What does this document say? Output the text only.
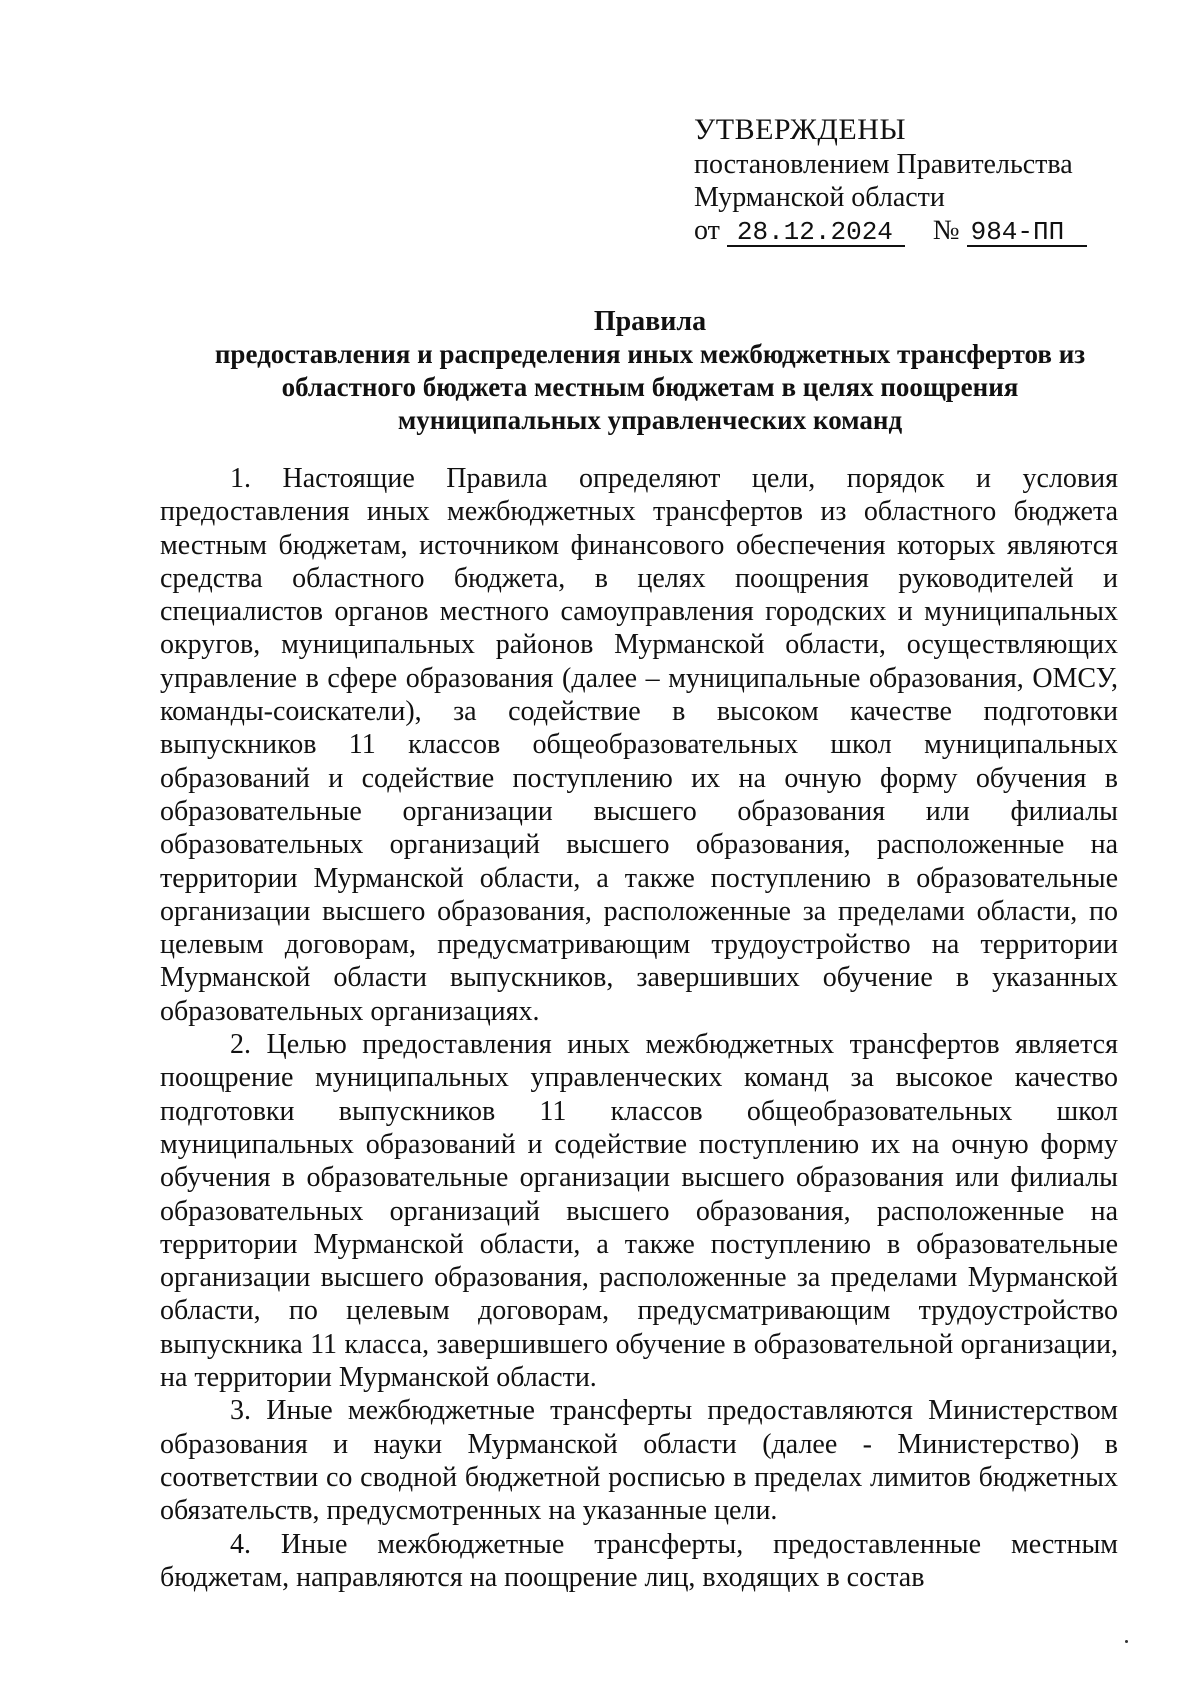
УТВЕРЖДЕНЫ
постановлением Правительства
Мурманской области
от 28.12.2024 № 984-ПП
Правила
предоставления и распределения иных межбюджетных трансфертов из областного бюджета местным бюджетам в целях поощрения муниципальных управленческих команд

1. Настоящие Правила определяют цели, порядок и условия предоставления иных межбюджетных трансфертов из областного бюджета местным бюджетам, источником финансового обеспечения которых являются средства областного бюджета, в целях поощрения руководителей и специалистов органов местного самоуправления городских и муниципальных округов, муниципальных районов Мурманской области, осуществляющих управление в сфере образования (далее – муниципальные образования, ОМСУ, команды-соискатели), за содействие в высоком качестве подготовки выпускников 11 классов общеобразовательных школ муниципальных образований и содействие поступлению их на очную форму обучения в образовательные организации высшего образования или филиалы образовательных организаций высшего образования, расположенные на территории Мурманской области, а также поступлению в образовательные организации высшего образования, расположенные за пределами области, по целевым договорам, предусматривающим трудоустройство на территории Мурманской области выпускников, завершивших обучение в указанных образовательных организациях.

2. Целью предоставления иных межбюджетных трансфертов является поощрение муниципальных управленческих команд за высокое качество подготовки выпускников 11 классов общеобразовательных школ муниципальных образований и содействие поступлению их на очную форму обучения в образовательные организации высшего образования или филиалы образовательных организаций высшего образования, расположенные на территории Мурманской области, а также поступлению в образовательные организации высшего образования, расположенные за пределами Мурманской области, по целевым договорам, предусматривающим трудоустройство выпускника 11 класса, завершившего обучение в образовательной организации, на территории Мурманской области.

3. Иные межбюджетные трансферты предоставляются Министерством образования и науки Мурманской области (далее - Министерство) в соответствии со сводной бюджетной росписью в пределах лимитов бюджетных обязательств, предусмотренных на указанные цели.

4. Иные межбюджетные трансферты, предоставленные местным бюджетам, направляются на поощрение лиц, входящих в состав
